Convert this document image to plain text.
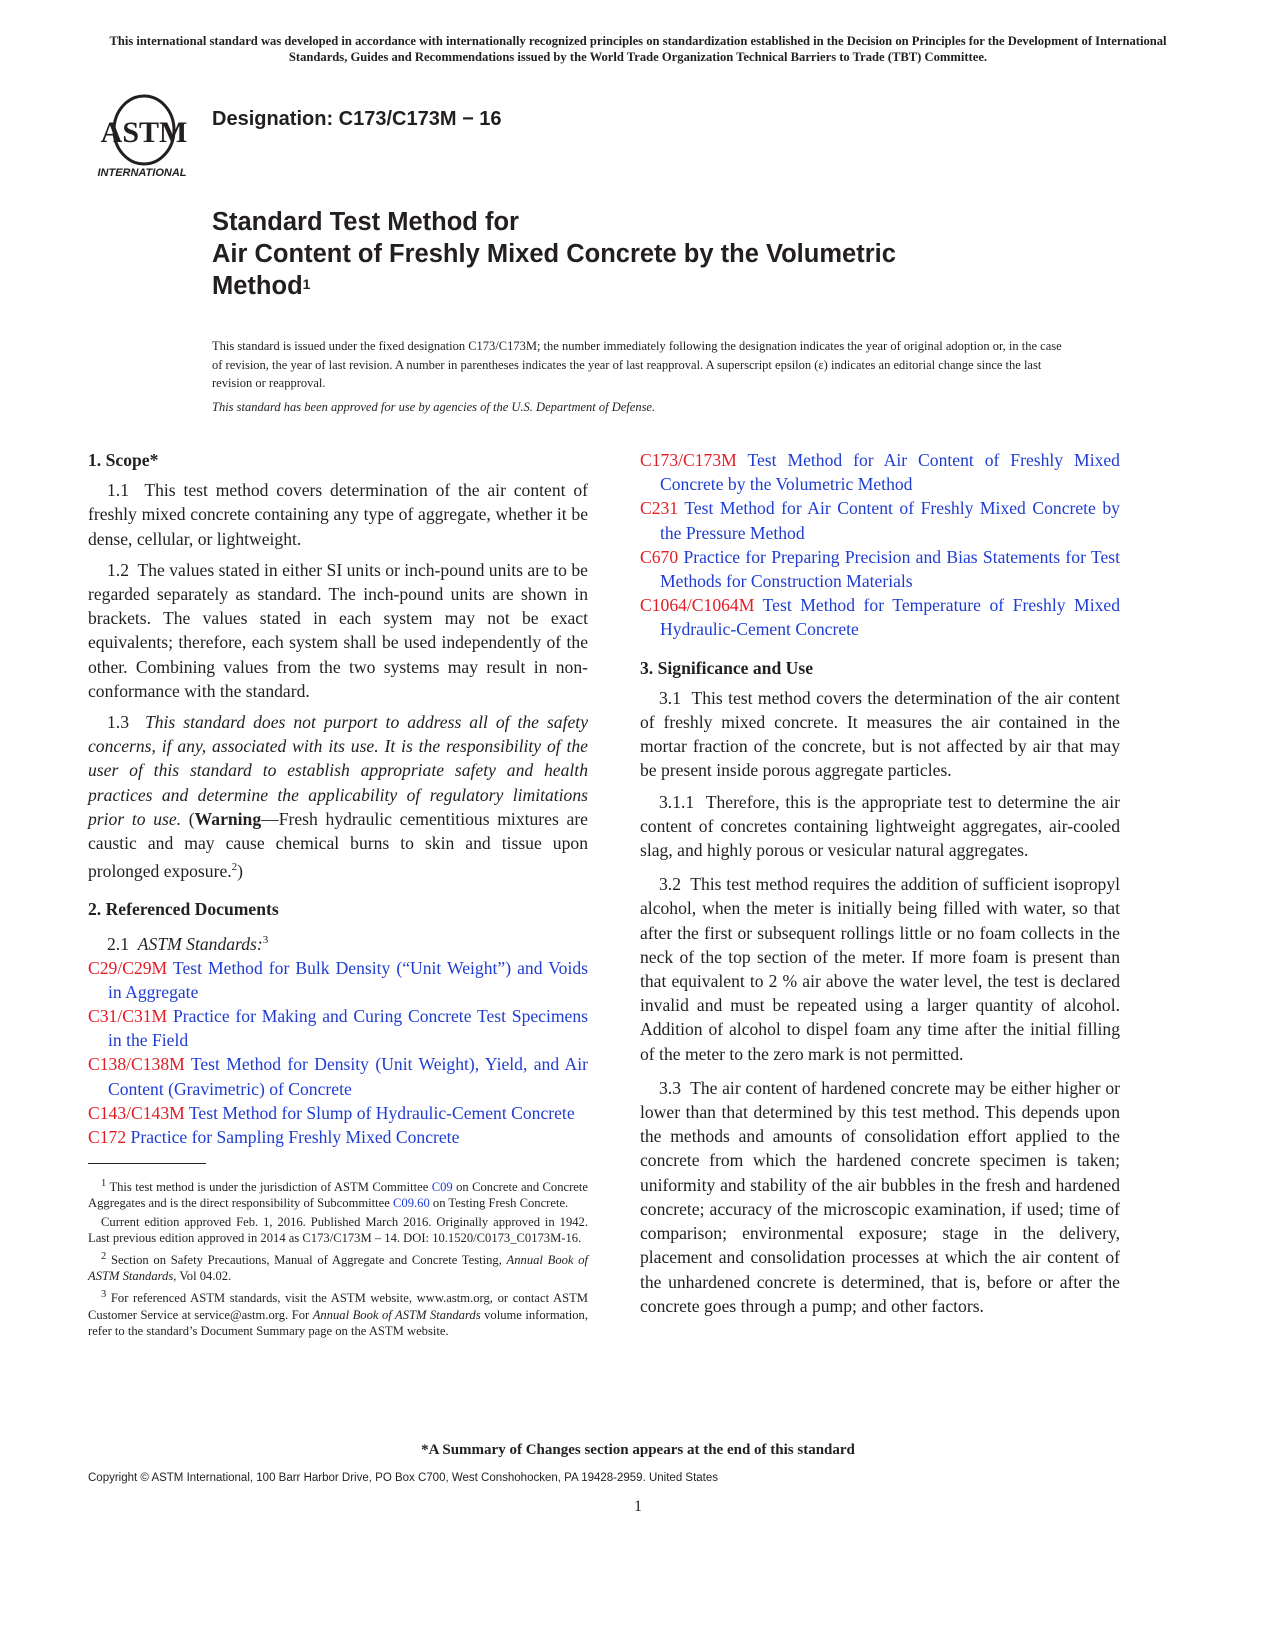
This international standard was developed in accordance with internationally recognized principles on standardization established in the Decision on Principles for the Development of International Standards, Guides and Recommendations issued by the World Trade Organization Technical Barriers to Trade (TBT) Committee.
ASTM
INTERNATIONAL
Designation: C173/C173M − 16
Standard Test Method for
Air Content of Freshly Mixed Concrete by the Volumetric
Method$^1$
This standard is issued under the fixed designation C173/C173M; the number immediately following the designation indicates the year of original adoption or, in the case of revision, the year of last revision. A number in parentheses indicates the year of last reapproval. A superscript epsilon (ε) indicates an editorial change since the last revision or reapproval.
This standard has been approved for use by agencies of the U.S. Department of Defense.
1. Scope*

1.1 This test method covers determination of the air content of freshly mixed concrete containing any type of aggregate, whether it be dense, cellular, or lightweight.

1.2 The values stated in either SI units or inch-pound units are to be regarded separately as standard. The inch-pound units are shown in brackets. The values stated in each system may not be exact equivalents; therefore, each system shall be used independently of the other. Combining values from the two systems may result in non-conformance with the standard.

1.3 This standard does not purport to address all of the safety concerns, if any, associated with its use. It is the responsibility of the user of this standard to establish appropriate safety and health practices and determine the applicability of regulatory limitations prior to use. (Warning—Fresh hydraulic cementitious mixtures are caustic and may cause chemical burns to skin and tissue upon prolonged exposure.$^2$)

2. Referenced Documents
2.1 ASTM Standards:$^3$

C29/C29M Test Method for Bulk Density (“Unit Weight”) and Voids in Aggregate

C31/C31M Practice for Making and Curing Concrete Test Specimens in the Field

C138/C138M Test Method for Density (Unit Weight), Yield, and Air Content (Gravimetric) of Concrete

C143/C143M Test Method for Slump of Hydraulic-Cement Concrete

C172 Practice for Sampling Freshly Mixed Concrete

C173/C173M Test Method for Air Content of Freshly Mixed Concrete by the Volumetric Method

C231 Test Method for Air Content of Freshly Mixed Concrete by the Pressure Method

C670 Practice for Preparing Precision and Bias Statements for Test Methods for Construction Materials

C1064/C1064M Test Method for Temperature of Freshly Mixed Hydraulic-Cement Concrete

3. Significance and Use

3.1 This test method covers the determination of the air content of freshly mixed concrete. It measures the air contained in the mortar fraction of the concrete, but is not affected by air that may be present inside porous aggregate particles.

3.1.1 Therefore, this is the appropriate test to determine the air content of concretes containing lightweight aggregates, air-cooled slag, and highly porous or vesicular natural aggregates.

3.2 This test method requires the addition of sufficient isopropyl alcohol, when the meter is initially being filled with water, so that after the first or subsequent rollings little or no foam collects in the neck of the top section of the meter. If more foam is present than that equivalent to 2 % air above the water level, the test is declared invalid and must be repeated using a larger quantity of alcohol. Addition of alcohol to dispel foam any time after the initial filling of the meter to the zero mark is not permitted.

3.3 The air content of hardened concrete may be either higher or lower than that determined by this test method. This depends upon the methods and amounts of consolidation effort applied to the concrete from which the hardened concrete specimen is taken; uniformity and stability of the air bubbles in the fresh and hardened concrete; accuracy of the microscopic examination, if used; time of comparison; environmental exposure; stage in the delivery, placement and consolidation processes at which the air content of the unhardened concrete is determined, that is, before or after the concrete goes through a pump; and other factors.

$^1$ This test method is under the jurisdiction of ASTM Committee C09 on Concrete and Concrete Aggregates and is the direct responsibility of Subcommittee C09.60 on Testing Fresh Concrete.

Current edition approved Feb. 1, 2016. Published March 2016. Originally approved in 1942. Last previous edition approved in 2014 as C173/C173M – 14. DOI: 10.1520/C0173_C0173M-16.

$^2$ Section on Safety Precautions, Manual of Aggregate and Concrete Testing, Annual Book of ASTM Standards, Vol 04.02.

$^3$ For referenced ASTM standards, visit the ASTM website, www.astm.org, or contact ASTM Customer Service at service@astm.org. For Annual Book of ASTM Standards volume information, refer to the standard’s Document Summary page on the ASTM website.

*A Summary of Changes section appears at the end of this standard
Copyright © ASTM International, 100 Barr Harbor Drive, PO Box C700, West Conshohocken, PA 19428-2959. United States
1
